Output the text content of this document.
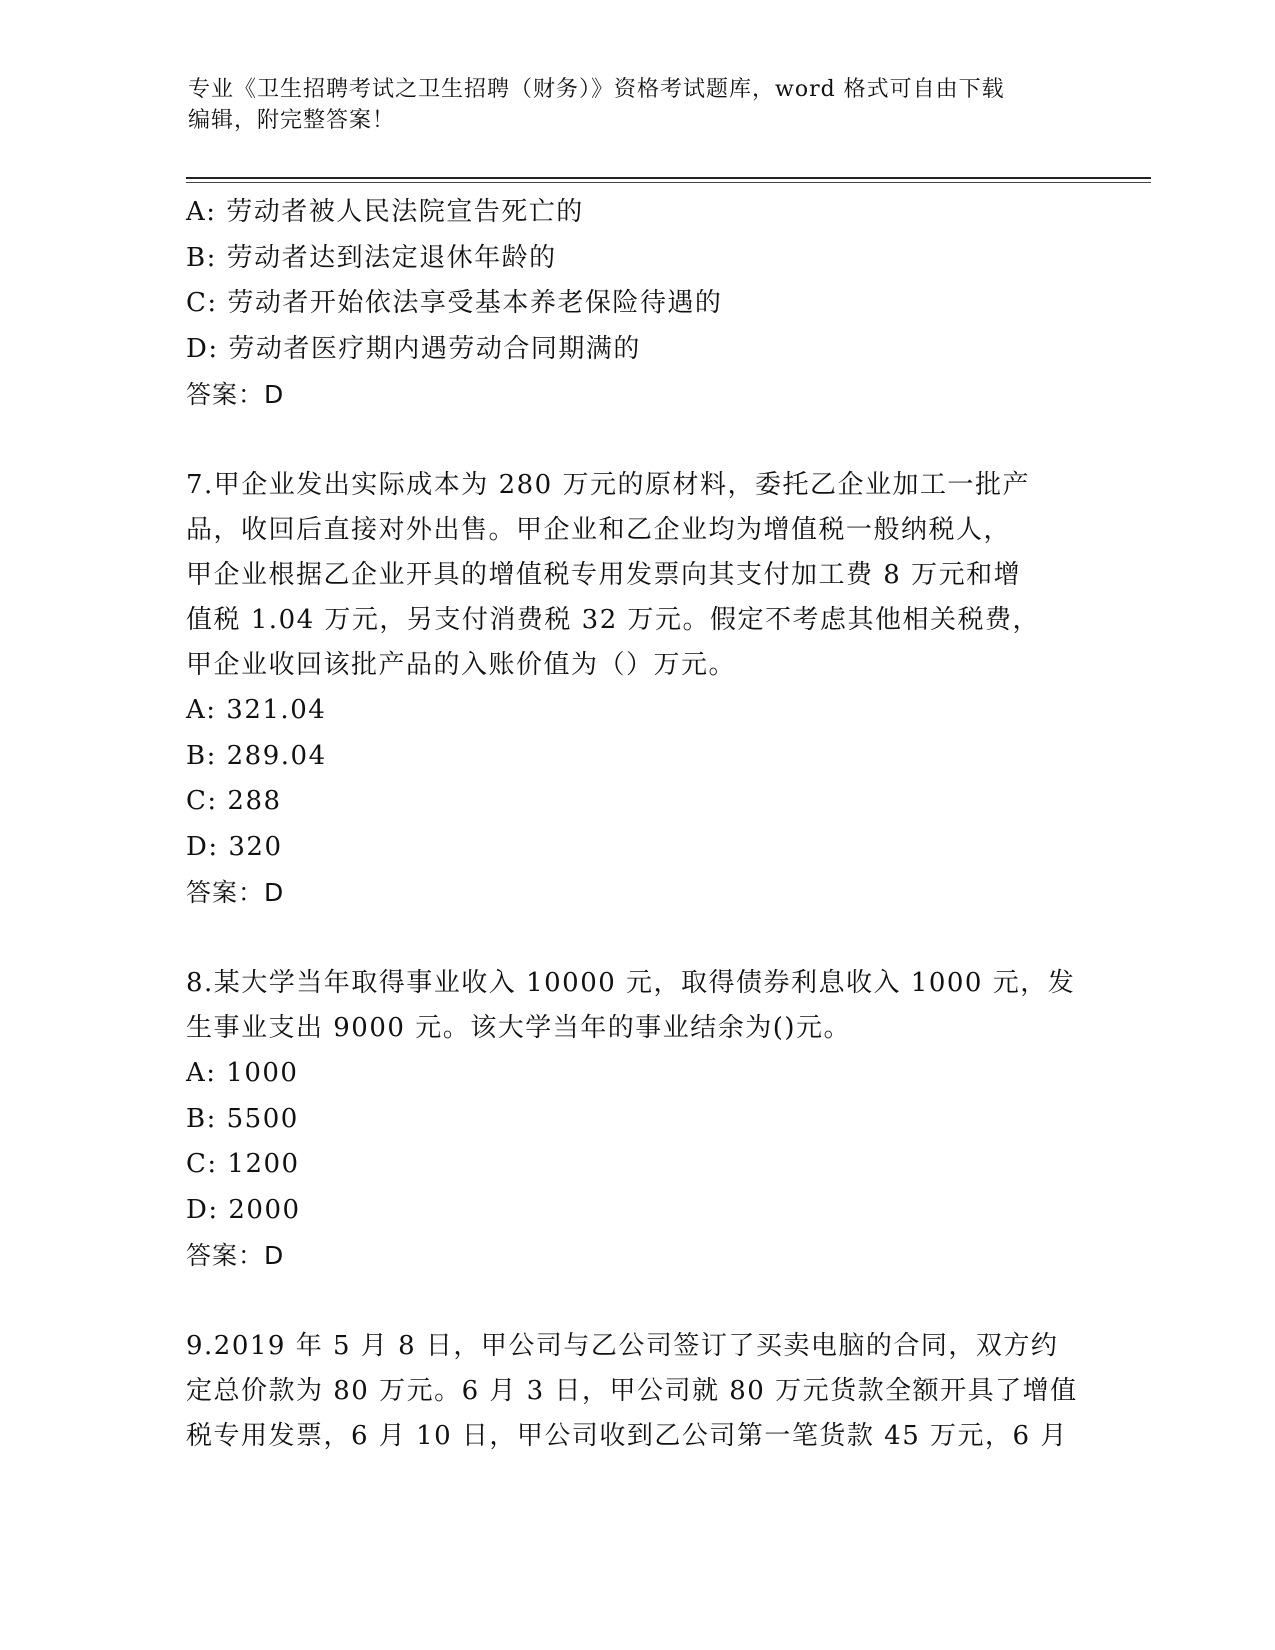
专业《卫生招聘考试之卫生招聘（财务）》资格考试题库，word 格式可自由下载
编辑，附完整答案！
A: 劳动者被人民法院宣告死亡的
B: 劳动者达到法定退休年龄的
C: 劳动者开始依法享受基本养老保险待遇的
D: 劳动者医疗期内遇劳动合同期满的
答案：D
7.甲企业发出实际成本为 280 万元的原材料，委托乙企业加工一批产
品，收回后直接对外出售。甲企业和乙企业均为增值税一般纳税人，
甲企业根据乙企业开具的增值税专用发票向其支付加工费 8 万元和增
值税 1.04 万元，另支付消费税 32 万元。假定不考虑其他相关税费，
甲企业收回该批产品的入账价值为（）万元。
A: 321.04
B: 289.04
C: 288
D: 320
答案：D
8.某大学当年取得事业收入 10000 元，取得债券利息收入 1000 元，发
生事业支出 9000 元。该大学当年的事业结余为()元。
A: 1000
B: 5500
C: 1200
D: 2000
答案：D
9.2019 年 5 月 8 日，甲公司与乙公司签订了买卖电脑的合同，双方约
定总价款为 80 万元。6 月 3 日，甲公司就 80 万元货款全额开具了增值
税专用发票，6 月 10 日，甲公司收到乙公司第一笔货款 45 万元，6 月
